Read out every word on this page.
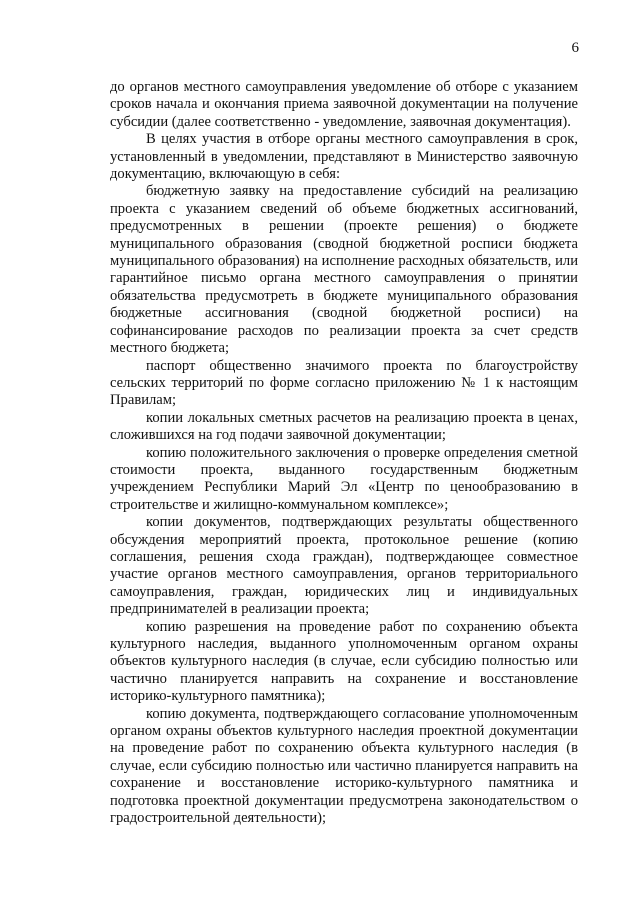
6

до органов местного самоуправления уведомление об отборе с указанием сроков начала и окончания приема заявочной документации на получение субсидии (далее соответственно - уведомление, заявочная документация).

В целях участия в отборе органы местного самоуправления в срок, установленный в уведомлении, представляют в Министерство заявочную документацию, включающую в себя:

бюджетную заявку на предоставление субсидий на реализацию проекта с указанием сведений об объеме бюджетных ассигнований, предусмотренных в решении (проекте решения) о бюджете муниципального образования (сводной бюджетной росписи бюджета муниципального образования) на исполнение расходных обязательств, или гарантийное письмо органа местного самоуправления о принятии обязательства предусмотреть в бюджете муниципального образования бюджетные ассигнования (сводной бюджетной росписи) на софинансирование расходов по реализации проекта за счет средств местного бюджета;

паспорт общественно значимого проекта по благоустройству сельских территорий по форме согласно приложению № 1 к настоящим Правилам;

копии локальных сметных расчетов на реализацию проекта в ценах, сложившихся на год подачи заявочной документации;

копию положительного заключения о проверке определения сметной стоимости проекта, выданного государственным бюджетным учреждением Республики Марий Эл «Центр по ценообразованию в строительстве и жилищно-коммунальном комплексе»;

копии документов, подтверждающих результаты общественного обсуждения мероприятий проекта, протокольное решение (копию соглашения, решения схода граждан), подтверждающее совместное участие органов местного самоуправления, органов территориального самоуправления, граждан, юридических лиц и индивидуальных предпринимателей в реализации проекта;

копию разрешения на проведение работ по сохранению объекта культурного наследия, выданного уполномоченным органом охраны объектов культурного наследия (в случае, если субсидию полностью или частично планируется направить на сохранение и восстановление историко-культурного памятника);

копию документа, подтверждающего согласование уполномоченным органом охраны объектов культурного наследия проектной документации на проведение работ по сохранению объекта культурного наследия (в случае, если субсидию полностью или частично планируется направить на сохранение и восстановление историко-культурного памятника и подготовка проектной документации предусмотрена законодательством о градостроительной деятельности);
